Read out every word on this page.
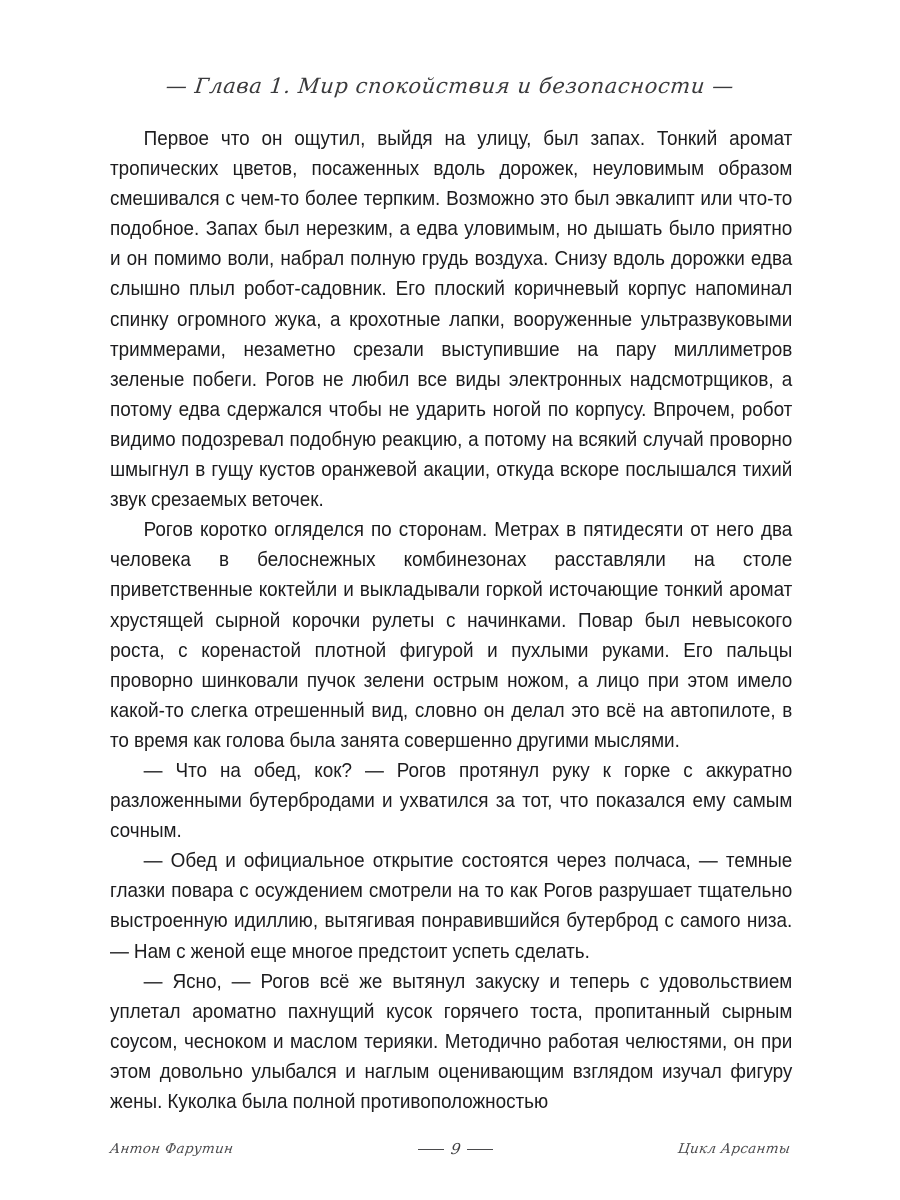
— Глава 1. Мир спокойствия и безопасности —

Первое что он ощутил, выйдя на улицу, был запах. Тонкий аромат тропических цветов, посаженных вдоль дорожек, неуловимым образом смешивался с чем-то более терпким. Возможно это был эвкалипт или что-то подобное. Запах был нерезким, а едва уловимым, но дышать было приятно и он помимо воли, набрал полную грудь воздуха. Снизу вдоль дорожки едва слышно плыл робот-садовник. Его плоский коричневый корпус напоминал спинку огромного жука, а крохотные лапки, вооруженные ультразвуковыми триммерами, незаметно срезали выступившие на пару миллиметров зеленые побеги. Рогов не любил все виды электронных надсмотрщиков, а потому едва сдержался чтобы не ударить ногой по корпусу. Впрочем, робот видимо подозревал подобную реакцию, а потому на всякий случай проворно шмыгнул в гущу кустов оранжевой акации, откуда вскоре послышался тихий звук срезаемых веточек.

Рогов коротко огляделся по сторонам. Метрах в пятидесяти от него два человека в белоснежных комбинезонах расставляли на столе приветственные коктейли и выкладывали горкой источающие тонкий аромат хрустящей сырной корочки рулеты с начинками. Повар был невысокого роста, с коренастой плотной фигурой и пухлыми руками. Его пальцы проворно шинковали пучок зелени острым ножом, а лицо при этом имело какой-то слегка отрешенный вид, словно он делал это всё на автопилоте, в то время как голова была занята совершенно другими мыслями.

— Что на обед, кок? — Рогов протянул руку к горке с аккуратно разложенными бутербродами и ухватился за тот, что показался ему самым сочным.

— Обед и официальное открытие состоятся через полчаса, — темные глазки повара с осуждением смотрели на то как Рогов разрушает тщательно выстроенную идиллию, вытягивая понравившийся бутерброд с самого низа. — Нам с женой еще многое предстоит успеть сделать.

— Ясно, — Рогов всё же вытянул закуску и теперь с удовольствием уплетал ароматно пахнущий кусок горячего тоста, пропитанный сырным соусом, чесноком и маслом терияки. Методично работая челюстями, он при этом довольно улыбался и наглым оценивающим взглядом изучал фигуру жены. Куколка была полной противоположностью

Антон Фарутин	9	Цикл Арсанты
